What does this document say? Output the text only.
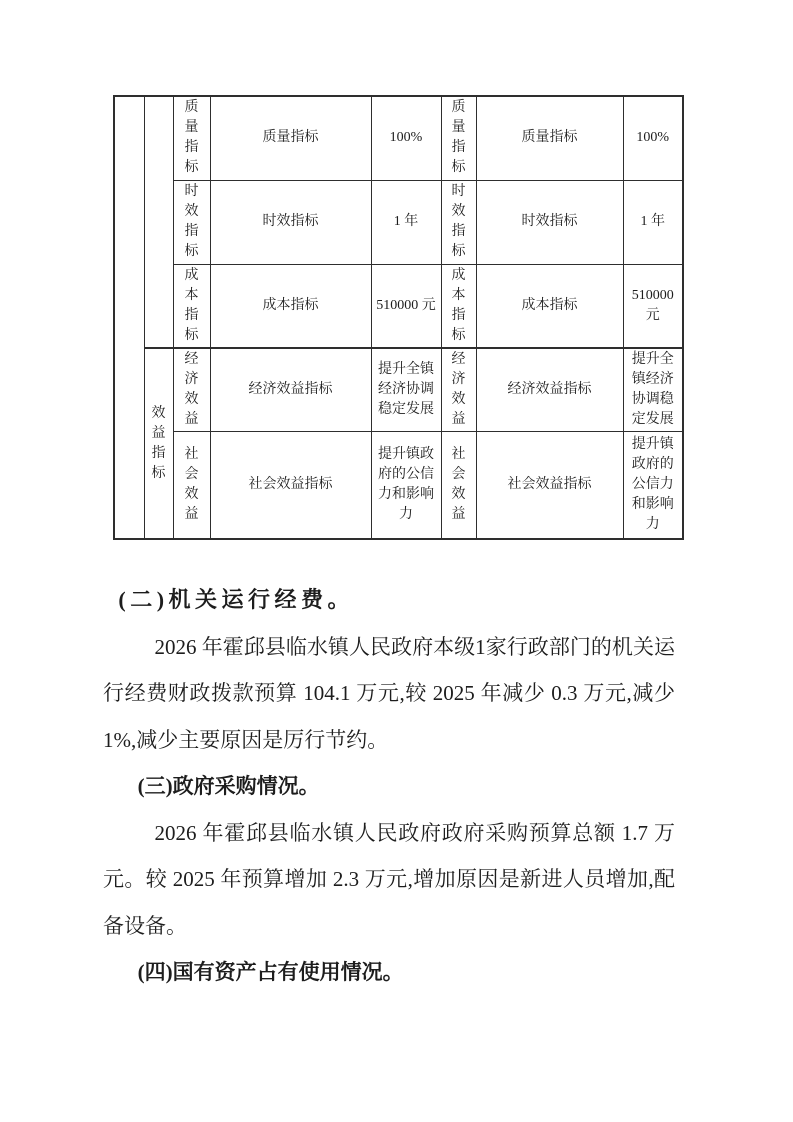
		质量指标	质量指标	100%	质量指标	质量指标	100%
		时效指标	时效指标	1 年	时效指标	时效指标	1 年
		成本指标	成本指标	510000 元	成本指标	成本指标	510000 元
	效益指标	经济效益	经济效益指标	提升全镇经济协调稳定发展	经济效益	经济效益指标	提升全镇经济协调稳定发展
		社会效益	社会效益指标	提升镇政府的公信力和影响力	社会效益	社会效益指标	提升镇政府的公信力和影响力
(二)机关运行经费。

2026 年霍邱县临水镇人民政府本级1家行政部门的机关运行经费财政拨款预算 104.1 万元,较 2025 年减少 0.3 万元,减少 1%,减少主要原因是厉行节约。

(三)政府采购情况。

2026 年霍邱县临水镇人民政府政府采购预算总额 1.7 万元。较 2025 年预算增加 2.3 万元,增加原因是新进人员增加,配备设备。

(四)国有资产占有使用情况。
